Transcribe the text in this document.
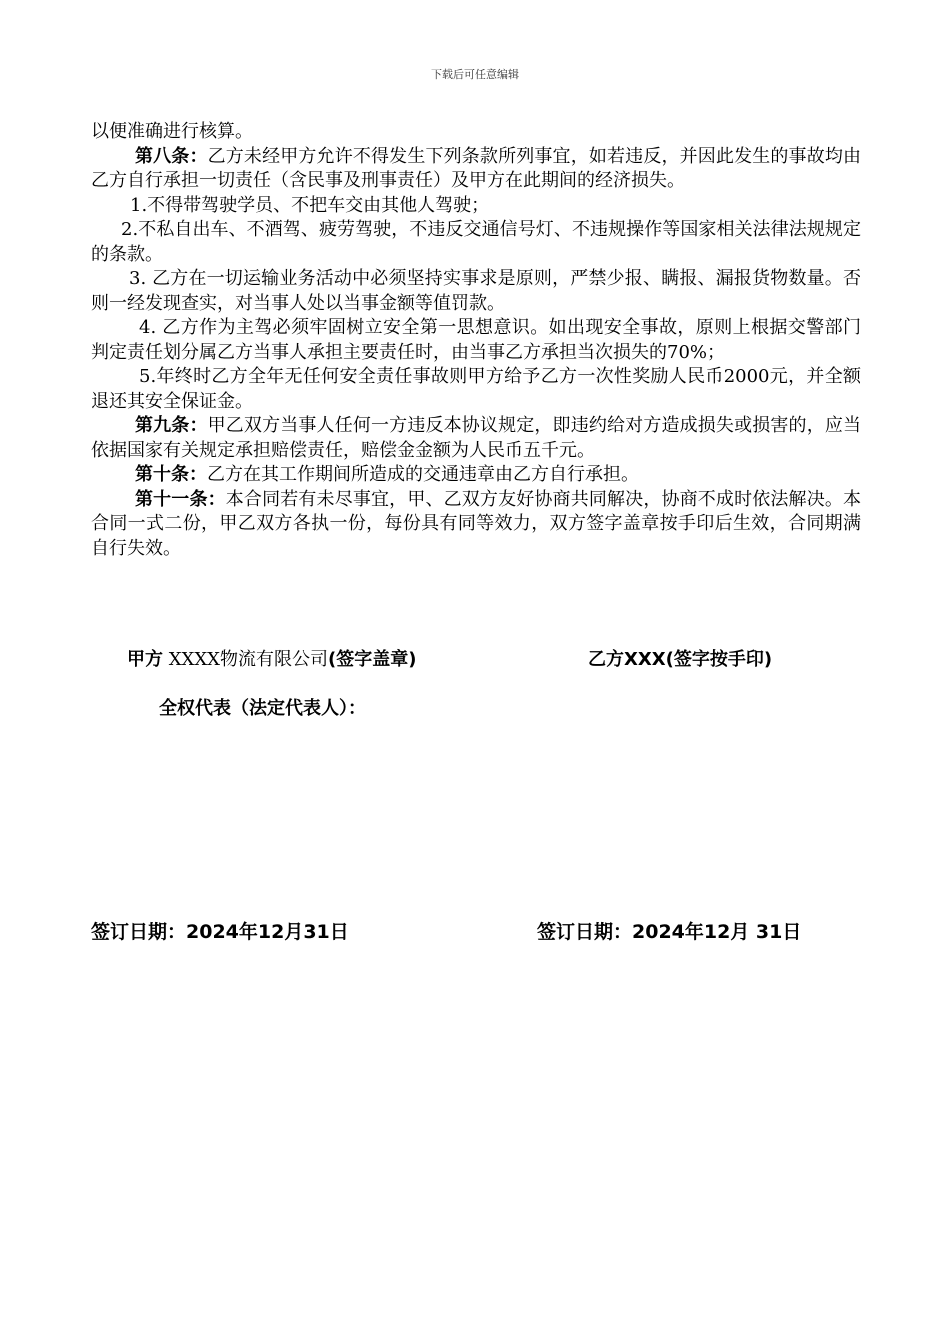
下载后可任意编辑

以便准确进行核算。

第八条：乙方未经甲方允许不得发生下列条款所列事宜，如若违反，并因此发生的事故均由乙方自行承担一切责任（含民事及刑事责任）及甲方在此期间的经济损失。

1.不得带驾驶学员、不把车交由其他人驾驶；

2.不私自出车、不酒驾、疲劳驾驶，不违反交通信号灯、不违规操作等国家相关法律法规规定的条款。

3. 乙方在一切运输业务活动中必须坚持实事求是原则，严禁少报、瞒报、漏报货物数量。否则一经发现查实，对当事人处以当事金额等值罚款。

4. 乙方作为主驾必须牢固树立安全第一思想意识。如出现安全事故，原则上根据交警部门判定责任划分属乙方当事人承担主要责任时，由当事乙方承担当次损失的70%；

5.年终时乙方全年无任何安全责任事故则甲方给予乙方一次性奖励人民币2000元，并全额退还其安全保证金。

第九条：甲乙双方当事人任何一方违反本协议规定，即违约给对方造成损失或损害的，应当依据国家有关规定承担赔偿责任，赔偿金金额为人民币五千元。

第十条：乙方在其工作期间所造成的交通违章由乙方自行承担。

第十一条：本合同若有未尽事宜，甲、乙双方友好协商共同解决，协商不成时依法解决。本合同一式二份，甲乙双方各执一份，每份具有同等效力，双方签字盖章按手印后生效，合同期满自行失效。

甲方 XXXX物流有限公司(签字盖章)	乙方XXX(签字按手印)
全权代表（法定代表人）：
签订日期：2024年12月31日	签订日期：2024年12月 31日
